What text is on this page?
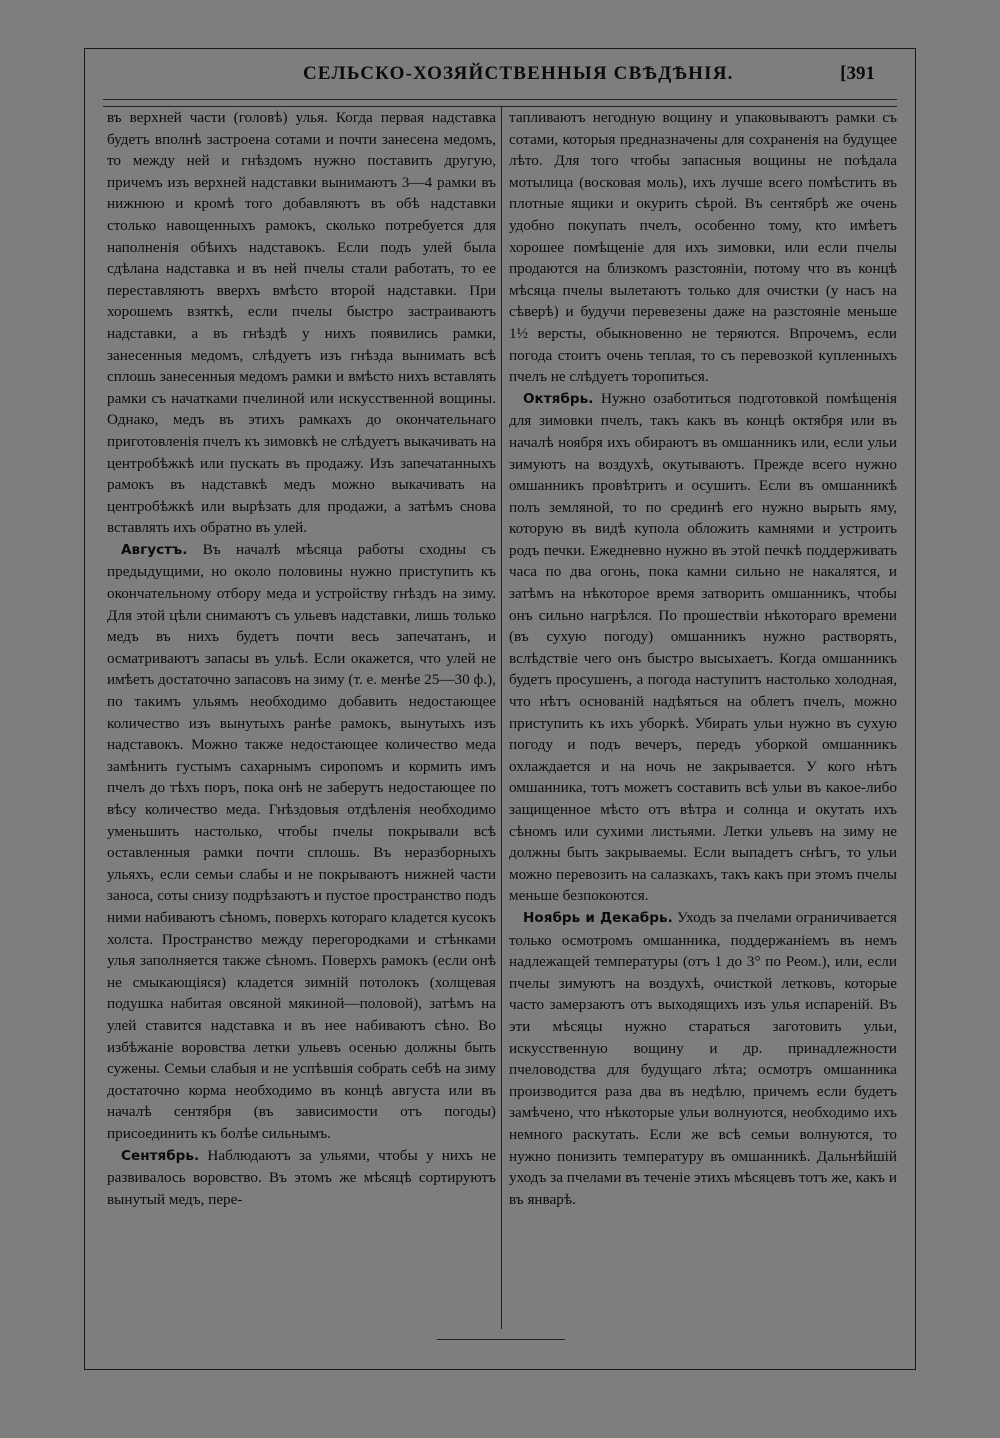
СЕЛЬСКО-ХОЗЯЙСТВЕННЫЯ СВѢДѢНІЯ.	[391

въ верхней части (головѣ) улья. Когда первая надставка будетъ вполнѣ застроена сотами и почти занесена медомъ, то между ней и гнѣздомъ нужно поставить другую, причемъ изъ верхней надставки вынимаютъ 3—4 рамки въ нижнюю и кромѣ того добавляютъ въ обѣ надставки столько навощенныхъ рамокъ, сколько потребуется для наполненія обѣихъ надставокъ. Если подъ улей была сдѣлана надставка и въ ней пчелы стали работать, то ее переставляютъ вверхъ вмѣсто второй надставки. При хорошемъ взяткѣ, если пчелы быстро застраиваютъ надставки, а въ гнѣздѣ у нихъ появились рамки, занесенныя медомъ, слѣдуетъ изъ гнѣзда вынимать всѣ сплошь занесенныя медомъ рамки и вмѣсто нихъ вставлять рамки съ начатками пчелиной или искусственной вощины. Однако, медъ въ этихъ рамкахъ до окончательнаго приготовленія пчелъ къ зимовкѣ не слѣдуетъ выкачивать на центробѣжкѣ или пускать въ продажу. Изъ запечатанныхъ рамокъ въ надставкѣ медъ можно выкачивать на центробѣжкѣ или вырѣзать для продажи, а затѣмъ снова вставлять ихъ обратно въ улей.

Августъ. Въ началѣ мѣсяца работы сходны съ предыдущими, но около половины нужно приступить къ окончательному отбору меда и устройству гнѣздъ на зиму. Для этой цѣли снимаютъ съ ульевъ надставки, лишь только медъ въ нихъ будетъ почти весь запечатанъ, и осматриваютъ запасы въ ульѣ. Если окажется, что улей не имѣетъ достаточно запасовъ на зиму (т. е. менѣе 25—30 ф.), по такимъ ульямъ необходимо добавить недостающее количество изъ вынутыхъ ранѣе рамокъ, вынутыхъ изъ надставокъ. Можно также недостающее количество меда замѣнить густымъ сахарнымъ сиропомъ и кормить имъ пчелъ до тѣхъ поръ, пока онѣ не заберутъ недостающее по вѣсу количество меда. Гнѣздовыя отдѣленія необходимо уменьшить настолько, чтобы пчелы покрывали всѣ оставленныя рамки почти сплошь. Въ неразборныхъ ульяхъ, если семьи слабы и не покрываютъ нижней части заноса, соты снизу подрѣзаютъ и пустое пространство подъ ними набиваютъ сѣномъ, поверхъ котораго кладется кусокъ холста. Пространство между перегородками и стѣнками улья заполняется также сѣномъ. Поверхъ рамокъ (если онѣ не смыкающіяся) кладется зимній потолокъ (холщевая подушка набитая овсяной мякиной—половой), затѣмъ на улей ставится надставка и въ нее набиваютъ сѣно. Во избѣжаніе воровства летки ульевъ осенью должны быть сужены. Семьи слабыя и не успѣвшія собрать себѣ на зиму достаточно корма необходимо въ концѣ августа или въ началѣ сентября (въ зависимости отъ погоды) присоединить къ болѣе сильнымъ.

Сентябрь. Наблюдаютъ за ульями, чтобы у нихъ не развивалось воровство. Въ этомъ же мѣсяцѣ сортируютъ вынутый медъ, пере-

тапливаютъ негодную вощину и упаковываютъ рамки съ сотами, которыя предназначены для сохраненія на будущее лѣто. Для того чтобы запасныя вощины не поѣдала мотылица (восковая моль), ихъ лучше всего помѣстить въ плотные ящики и окурить сѣрой. Въ сентябрѣ же очень удобно покупать пчелъ, особенно тому, кто имѣетъ хорошее помѣщеніе для ихъ зимовки, или если пчелы продаются на близкомъ разстояніи, потому что въ концѣ мѣсяца пчелы вылетаютъ только для очистки (у насъ на сѣверѣ) и будучи перевезены даже на разстояніе меньше 1½ версты, обыкновенно не теряются. Впрочемъ, если погода стоитъ очень теплая, то съ перевозкой купленныхъ пчелъ не слѣдуетъ торопиться.

Октябрь. Нужно озаботиться подготовкой помѣщенія для зимовки пчелъ, такъ какъ въ концѣ октября или въ началѣ ноября ихъ обираютъ въ омшанникъ или, если ульи зимуютъ на воздухѣ, окутываютъ. Прежде всего нужно омшанникъ провѣтрить и осушить. Если въ омшанникѣ полъ земляной, то по срединѣ его нужно вырыть яму, которую въ видѣ купола обложить камнями и устроить родъ печки. Ежедневно нужно въ этой печкѣ поддерживать часа по два огонь, пока камни сильно не накалятся, и затѣмъ на нѣкоторое время затворить омшанникъ, чтобы онъ сильно нагрѣлся. По прошествіи нѣкотораго времени (въ сухую погоду) омшанникъ нужно растворять, вслѣдствіе чего онъ быстро высыхаетъ. Когда омшанникъ будетъ просушенъ, а погода наступитъ настолько холодная, что нѣтъ основаній надѣяться на облетъ пчелъ, можно приступить къ ихъ уборкѣ. Убирать ульи нужно въ сухую погоду и подъ вечеръ, передъ уборкой омшанникъ охлаждается и на ночь не закрывается. У кого нѣтъ омшанника, тотъ можетъ составить всѣ ульи въ какое-либо защищенное мѣсто отъ вѣтра и солнца и окутать ихъ сѣномъ или сухими листьями. Летки ульевъ на зиму не должны быть закрываемы. Если выпадетъ снѣгъ, то ульи можно перевозить на салазкахъ, такъ какъ при этомъ пчелы меньше безпокоются.

Ноябрь и Декабрь. Уходъ за пчелами ограничивается только осмотромъ омшанника, поддержаніемъ въ немъ надлежащей температуры (отъ 1 до 3° по Реом.), или, если пчелы зимуютъ на воздухѣ, очисткой летковъ, которые часто замерзаютъ отъ выходящихъ изъ улья испареній. Въ эти мѣсяцы нужно стараться заготовить ульи, искусственную вощину и др. принадлежности пчеловодства для будущаго лѣта; осмотръ омшанника производится раза два въ недѣлю, причемъ если будетъ замѣчено, что нѣкоторые ульи волнуются, необходимо ихъ немного раскутать. Если же всѣ семьи волнуются, то нужно понизить температуру въ омшанникѣ. Дальнѣйшій уходъ за пчелами въ теченіе этихъ мѣсяцевъ тотъ же, какъ и въ январѣ.
